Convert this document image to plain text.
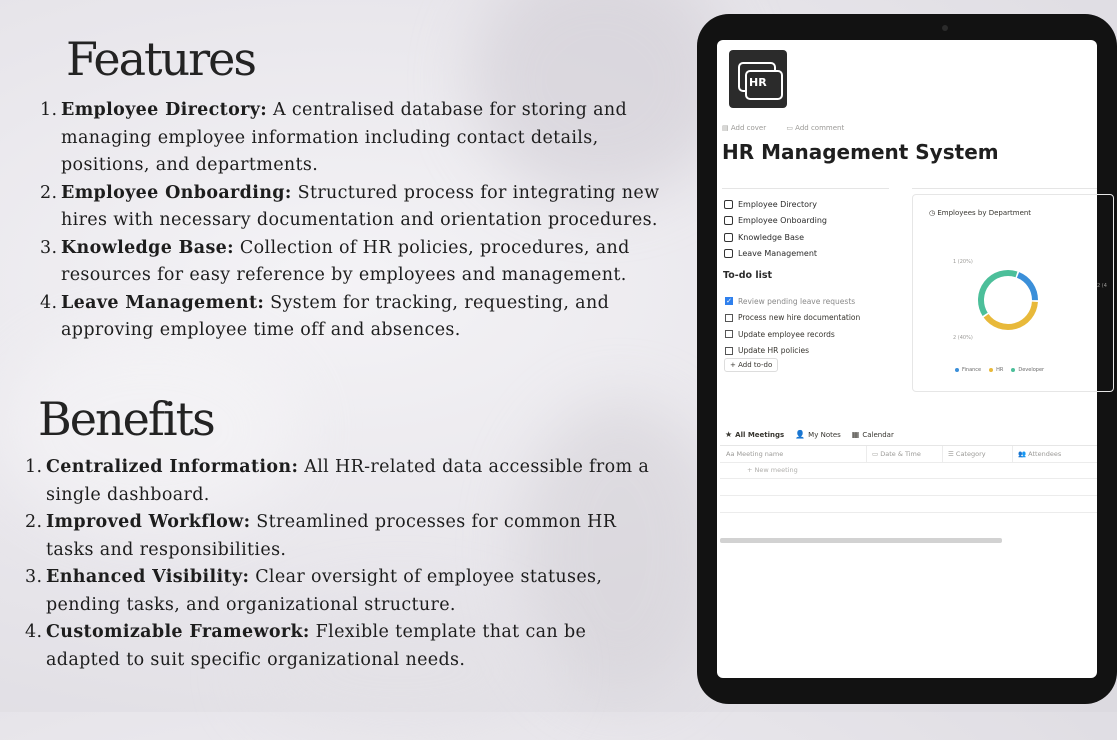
Features
1. Employee Directory: A centralised database for storing and managing employee information including contact details, positions, and departments.
2. Employee Onboarding: Structured process for integrating new hires with necessary documentation and orientation procedures.
3. Knowledge Base: Collection of HR policies, procedures, and resources for easy reference by employees and management.
4. Leave Management: System for tracking, requesting, and approving employee time off and absences.
Benefits
1. Centralized Information: All HR-related data accessible from a single dashboard.
2. Improved Workflow: Streamlined processes for common HR tasks and responsibilities.
3. Enhanced Visibility: Clear oversight of employee statuses, pending tasks, and organizational structure.
4. Customizable Framework: Flexible template that can be adapted to suit specific organizational needs.
HR
▤ Add cover	▭ Add comment
HR Management System
Employee Directory
Employee Onboarding
Knowledge Base
Leave Management
To-do list
✓ Review pending leave requests
Process new hire documentation
Update employee records
Update HR policies
+ Add to-do
◷ Employees by Department
1 (20%)
2 (4
2 (40%)
Finance	HR	Developer
★ All Meetings 👤 My Notes ▦ Calendar
Aa Meeting name	▭ Date & Time	☰ Category	👥 Attendees
+ New meeting
